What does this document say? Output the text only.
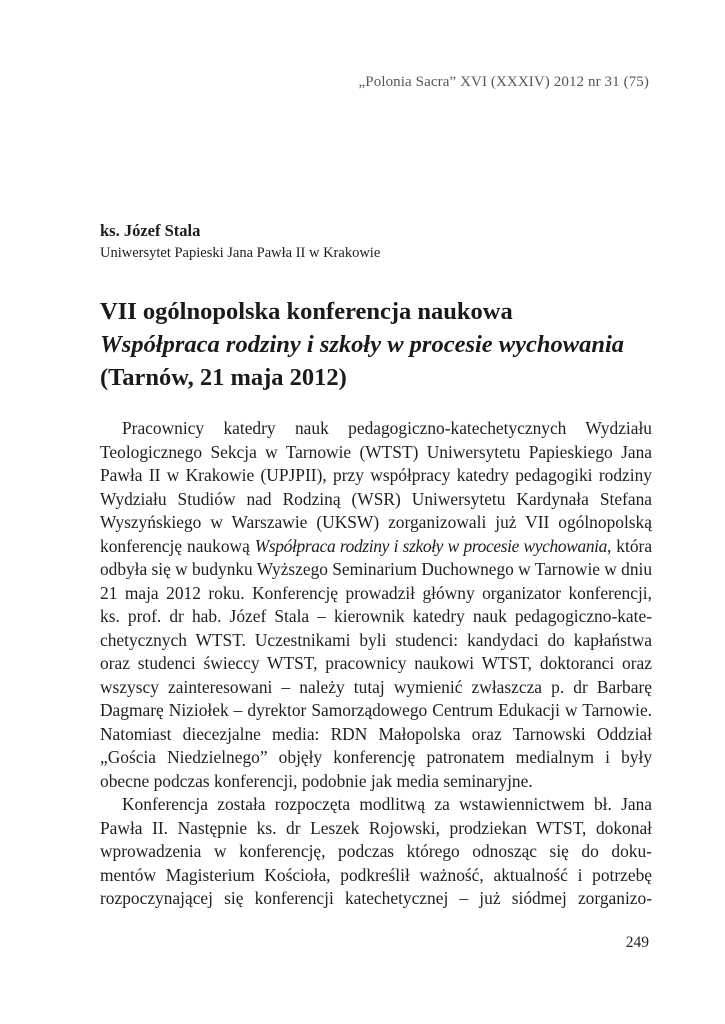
„Polonia Sacra” XVI (XXXIV) 2012 nr 31 (75)
ks. Józef Stala
Uniwersytet Papieski Jana Pawła II w Krakowie
VII ogólnopolska konferencja naukowa
Współpraca rodziny i szkoły w procesie wychowania
(Tarnów, 21 maja 2012)
Pracownicy katedry nauk pedagogiczno-katechetycznych Wydziału
Teologicznego Sekcja w Tarnowie (WTST) Uniwersytetu Papieskiego Jana
Pawła II w Krakowie (UPJPII), przy współpracy katedry pedagogiki rodziny
Wydziału Studiów nad Rodziną (WSR) Uniwersytetu Kardynała Stefana
Wyszyńskiego w Warszawie (UKSW) zorganizowali już VII ogólnopolską
konferencję naukową Współpraca rodziny i szkoły w procesie wychowania, która
odbyła się w budynku Wyższego Seminarium Duchownego w Tarnowie w dniu
21 maja 2012 roku. Konferencję prowadził główny organizator konferencji,
ks. prof. dr hab. Józef Stala – kierownik katedry nauk pedagogiczno-kate-
chetycznych WTST. Uczestnikami byli studenci: kandydaci do kapłaństwa
oraz studenci świeccy WTST, pracownicy naukowi WTST, doktoranci oraz
wszyscy zainteresowani – należy tutaj wymienić zwłaszcza p. dr Barbarę
Dagmarę Niziołek – dyrektor Samorządowego Centrum Edukacji w Tarnowie.
Natomiast diecezjalne media: RDN Małopolska oraz Tarnowski Oddział
„Gościa Niedzielnego” objęły konferencję patronatem medialnym i były
obecne podczas konferencji, podobnie jak media seminaryjne.
Konferencja została rozpoczęta modlitwą za wstawiennictwem bł. Jana
Pawła II. Następnie ks. dr Leszek Rojowski, prodziekan WTST, dokonał
wprowadzenia w konferencję, podczas którego odnosząc się do doku-
mentów Magisterium Kościoła, podkreślił ważność, aktualność i potrzebę
rozpoczynającej się konferencji katechetycznej – już siódmej zorganizo-
249
